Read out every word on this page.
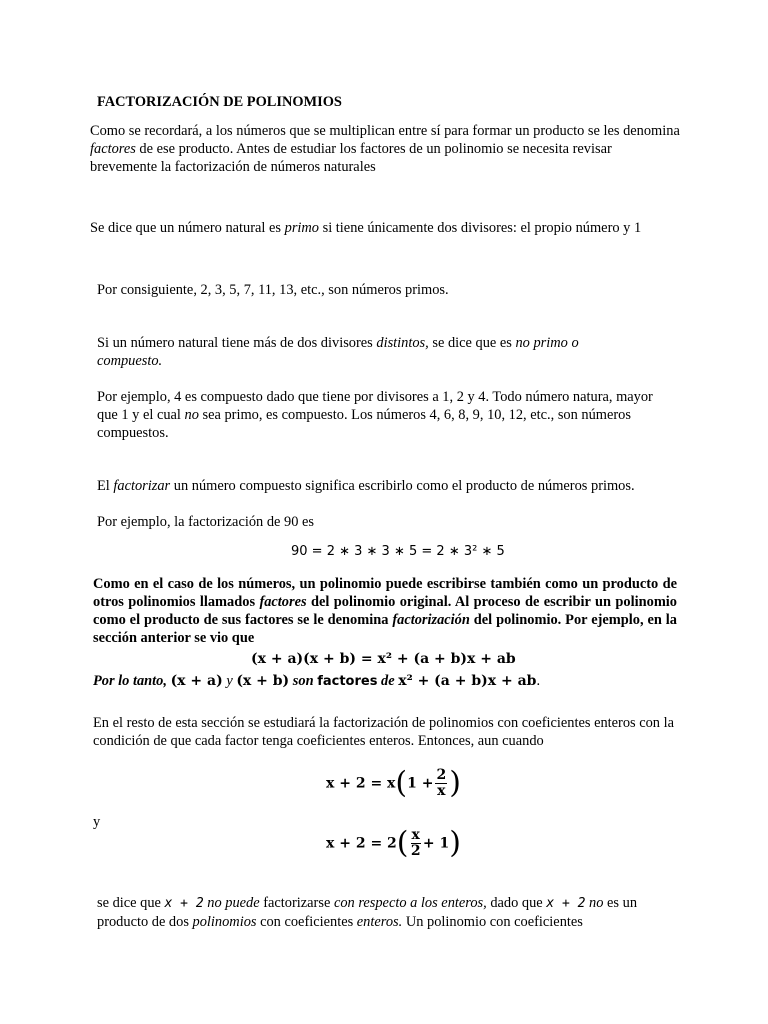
FACTORIZACIÓN DE POLINOMIOS

Como se recordará, a los números que se multiplican entre sí para formar un producto se les denomina factores de ese producto. Antes de estudiar los factores de un polinomio se necesita revisar brevemente la factorización de números naturales

Se dice que un número natural es primo si tiene únicamente dos divisores: el propio número y 1

Por consiguiente, 2, 3, 5, 7, 11, 13, etc., son números primos.

Si un número natural tiene más de dos divisores distintos, se dice que es no primo o compuesto.

Por ejemplo, 4 es compuesto dado que tiene por divisores a 1, 2 y 4. Todo número natura, mayor que 1 y el cual no sea primo, es compuesto. Los números 4, 6, 8, 9, 10, 12, etc., son números compuestos.

El factorizar un número compuesto significa escribirlo como el producto de números primos.

Por ejemplo, la factorización de 90 es

90 = 2 ∗ 3 ∗ 3 ∗ 5 = 2 ∗ 3² ∗ 5

Como en el caso de los números, un polinomio puede escribirse también como un producto de otros polinomios llamados factores del polinomio original. Al proceso de escribir un polinomio como el producto de sus factores se le denomina factorización del polinomio. Por ejemplo, en la sección anterior se vio que

(x + a)(x + b) = x² + (a + b)x + ab

Por lo tanto, (x + a) y (x + b) son factores de x² + (a + b)x + ab.

En el resto de esta sección se estudiará la factorización de polinomios con coeficientes enteros con la condición de que cada factor tenga coeficientes enteros. Entonces, aun cuando

$x + 2 = x(1 + \frac{2}{x}$ )
y
$x + 2 = 2( \frac{x}{2} + 1)$

se dice que x + 2 no puede factorizarse con respecto a los enteros, dado que x + 2 no es un producto de dos polinomios con coeficientes enteros. Un polinomio con coeficientes
